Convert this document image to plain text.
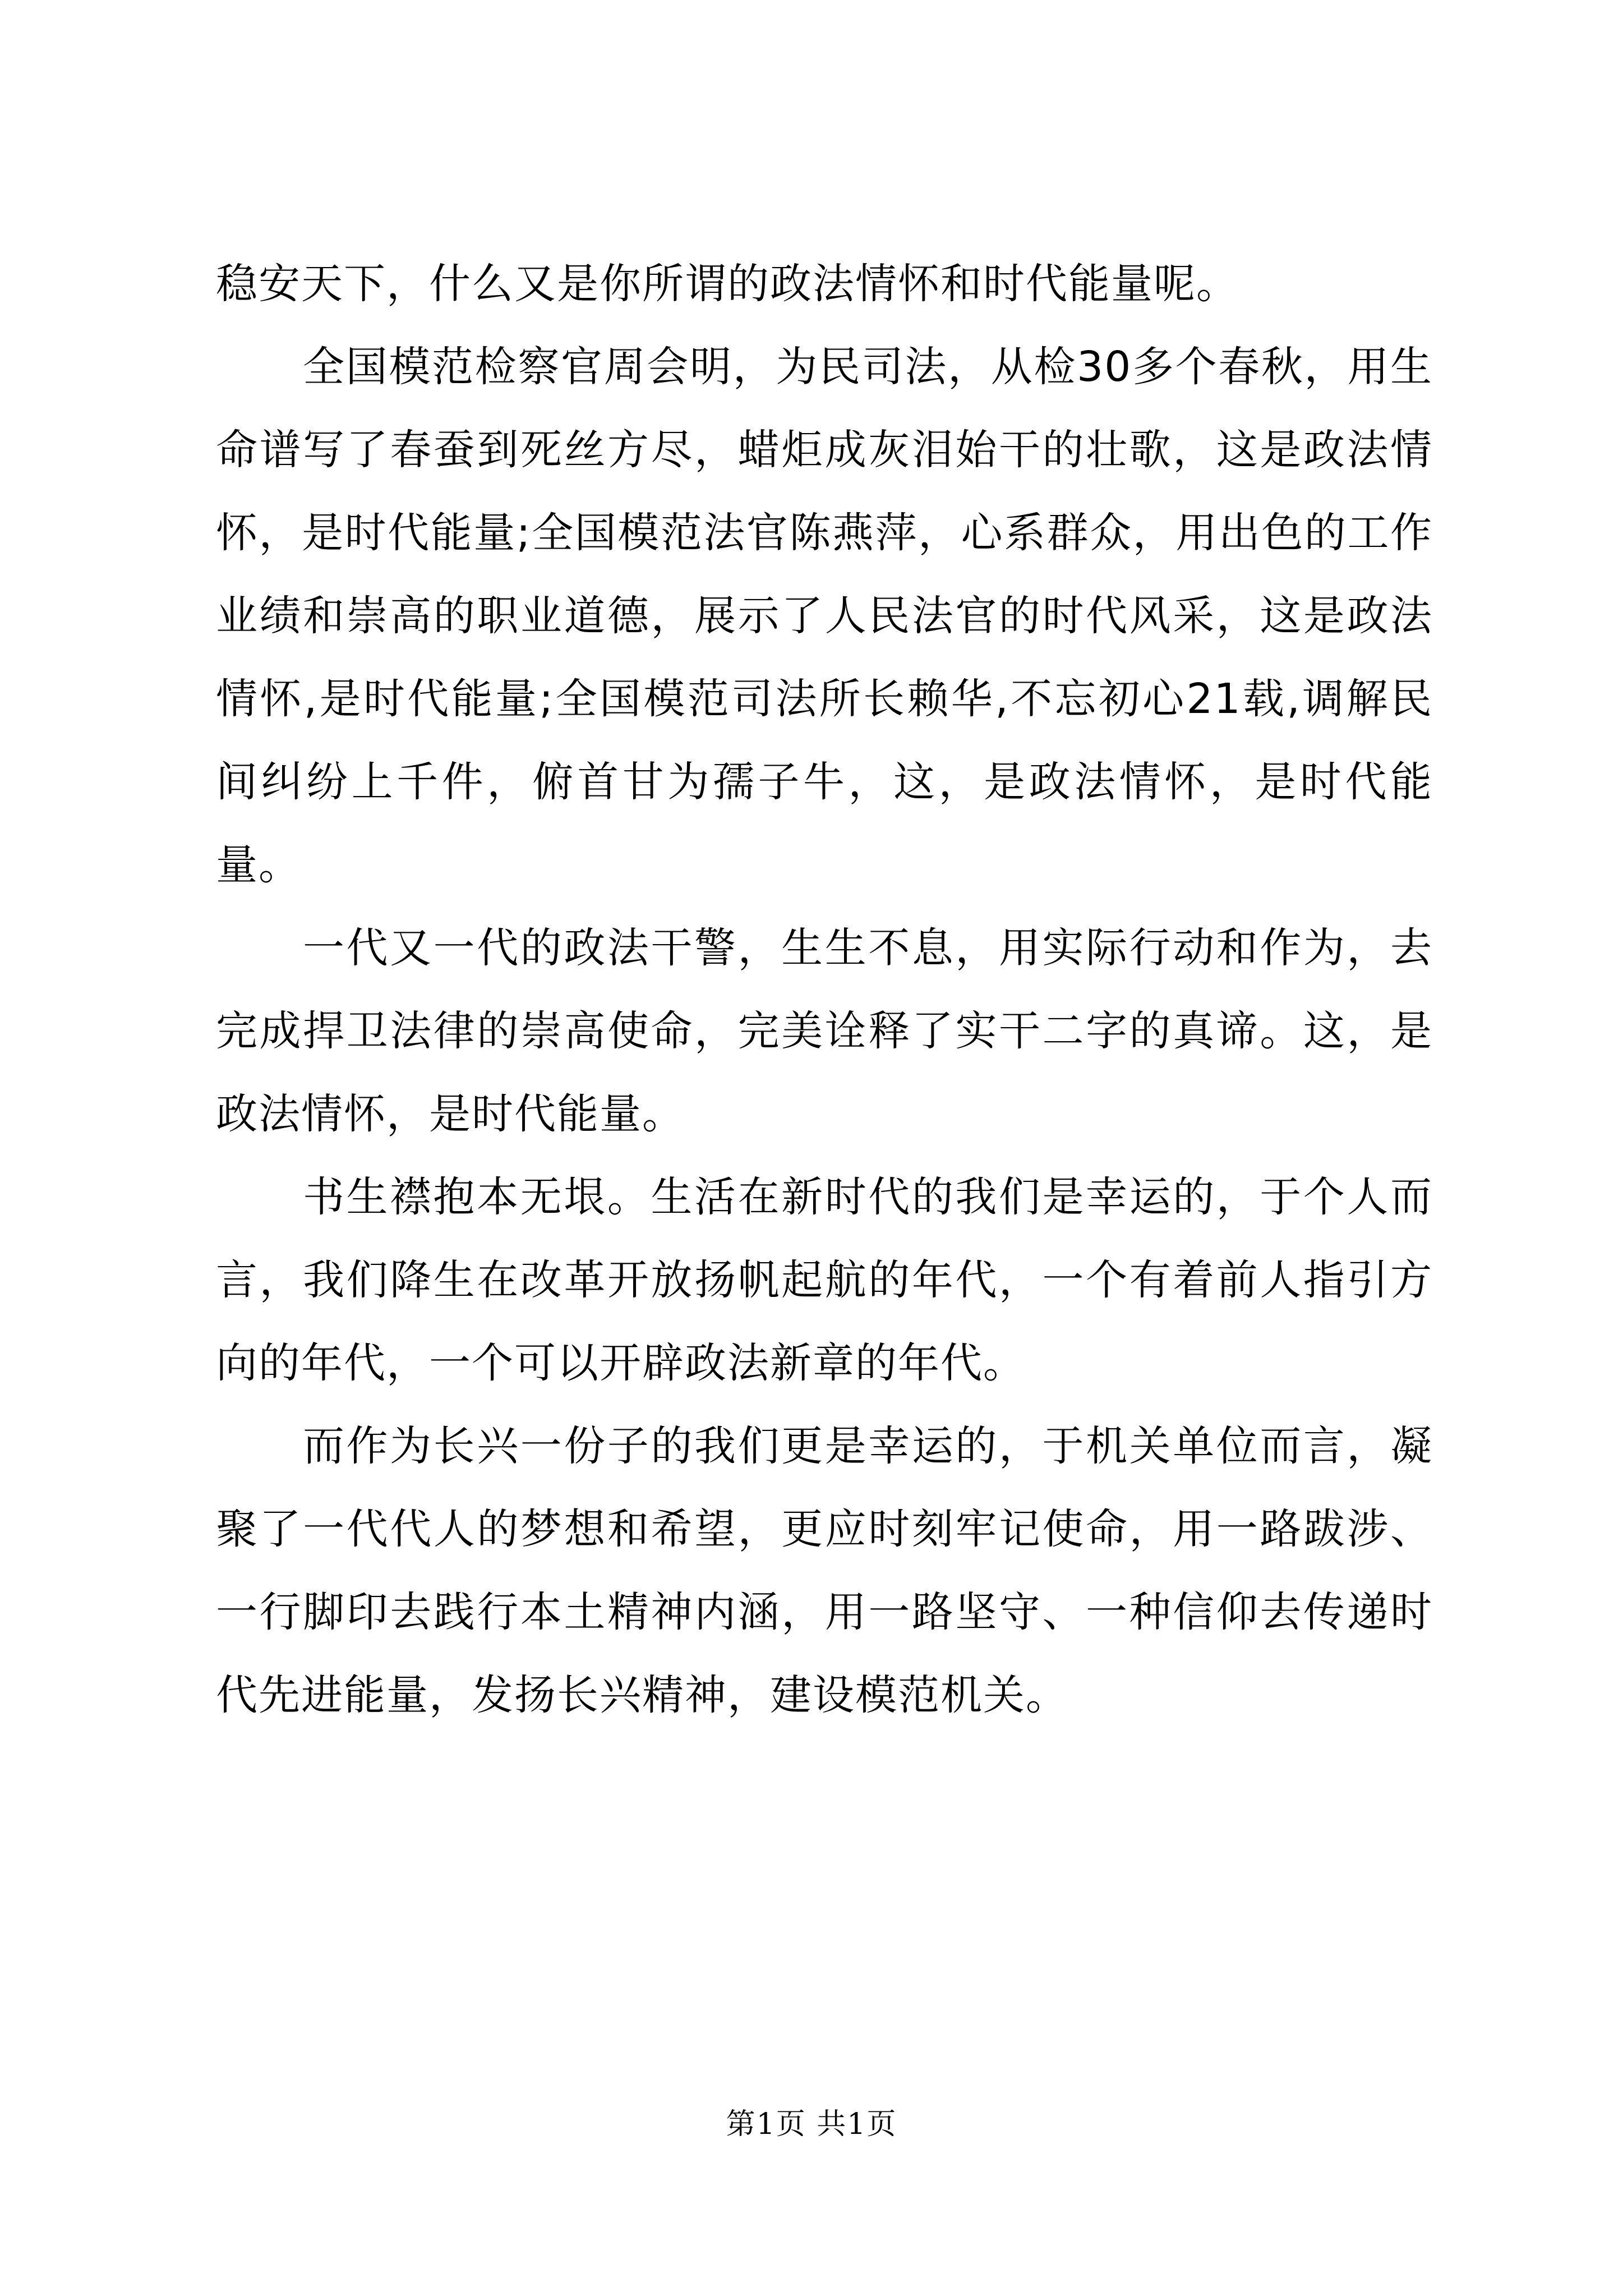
稳安天下，什么又是你所谓的政法情怀和时代能量呢。

全国模范检察官周会明，为民司法，从检30多个春秋，用生命谱写了春蚕到死丝方尽，蜡炬成灰泪始干的壮歌，这是政法情怀，是时代能量;全国模范法官陈燕萍，心系群众，用出色的工作业绩和崇高的职业道德，展示了人民法官的时代风采，这是政法情怀,是时代能量;全国模范司法所长赖华,不忘初心21载,调解民间纠纷上千件，俯首甘为孺子牛，这，是政法情怀，是时代能量。

一代又一代的政法干警，生生不息，用实际行动和作为，去完成捍卫法律的崇高使命，完美诠释了实干二字的真谛。这，是政法情怀，是时代能量。

书生襟抱本无垠。生活在新时代的我们是幸运的，于个人而言，我们降生在改革开放扬帆起航的年代，一个有着前人指引方向的年代，一个可以开辟政法新章的年代。

而作为长兴一份子的我们更是幸运的，于机关单位而言，凝聚了一代代人的梦想和希望，更应时刻牢记使命，用一路跋涉、一行脚印去践行本土精神内涵，用一路坚守、一种信仰去传递时代先进能量，发扬长兴精神，建设模范机关。

第1页 共1页
